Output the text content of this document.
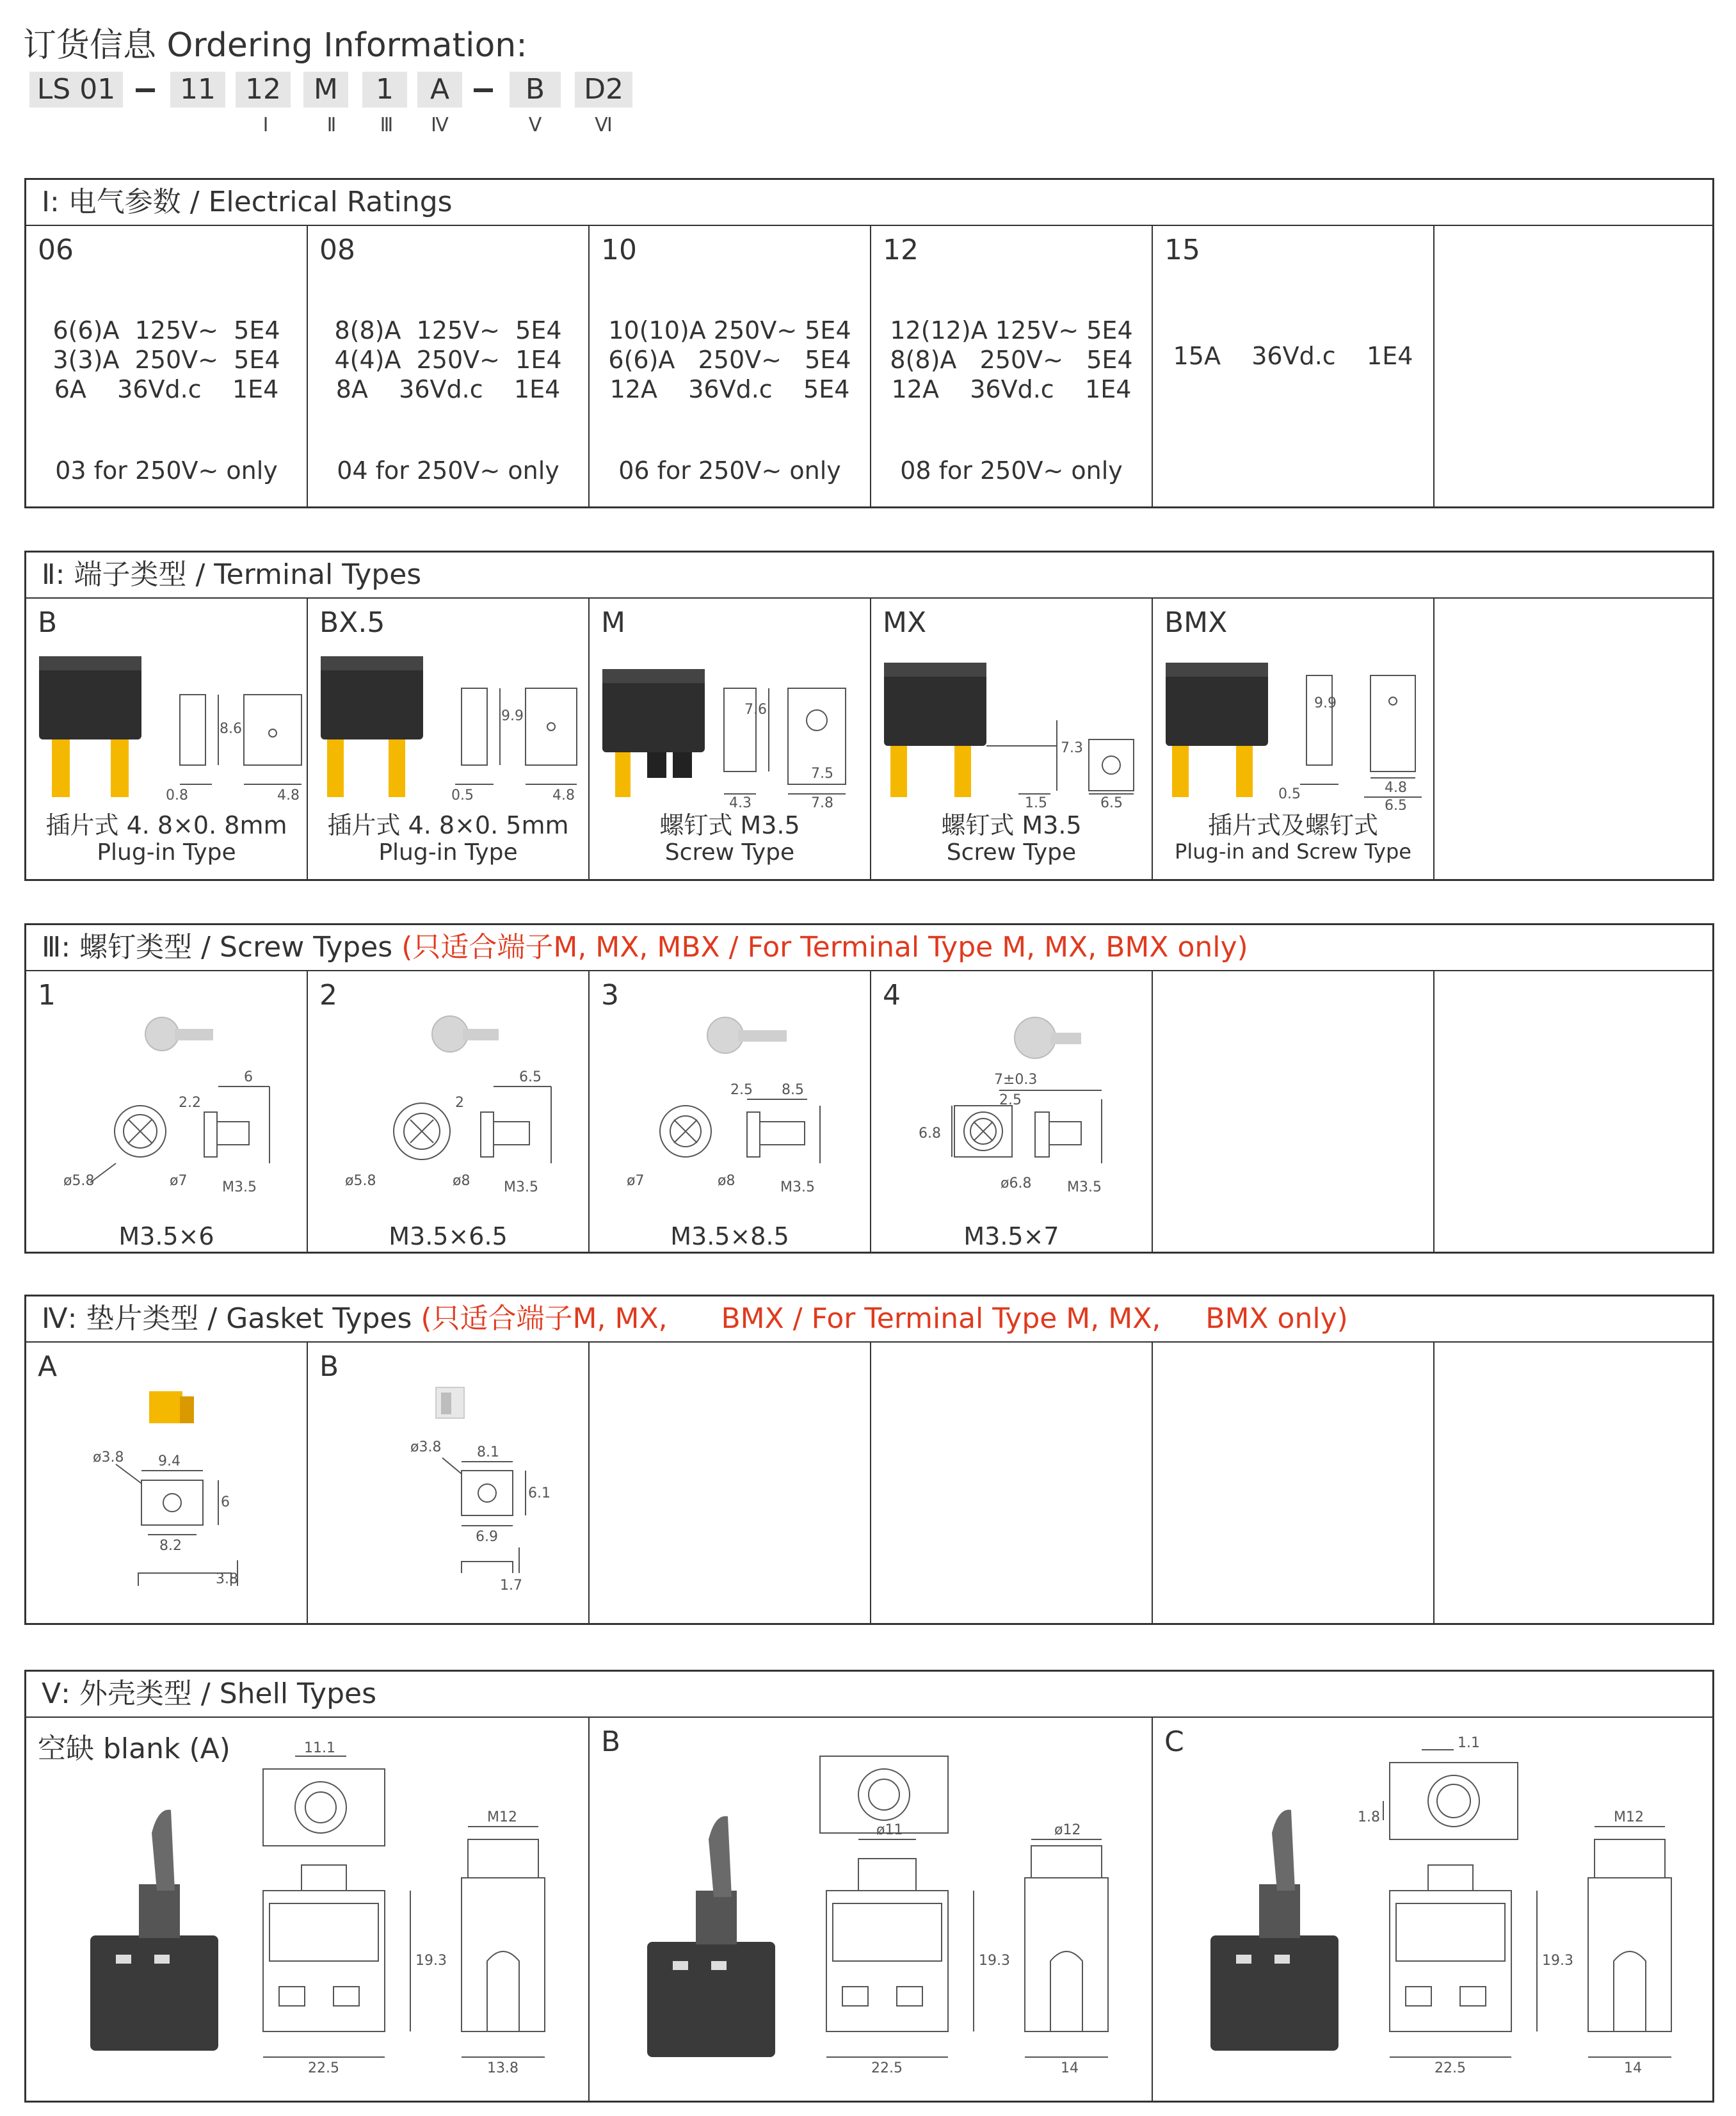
订货信息 Ordering Information:
LS 01	11	12	M	1	A	B	D2
Ⅰ	Ⅱ	Ⅲ	Ⅳ	Ⅴ	Ⅵ
Ⅰ: 电气参数 / Electrical Ratings
06
6(6)A  125V~  5E4
3(3)A  250V~  5E4
6A    36Vd.c    1E4
03 for 250V~ only
08
8(8)A  125V~  5E4
4(4)A  250V~  1E4
8A    36Vd.c    1E4
04 for 250V~ only
10
10(10)A 250V~ 5E4
6(6)A   250V~   5E4
12A    36Vd.c    5E4
06 for 250V~ only
12
12(12)A 125V~ 5E4
8(8)A   250V~   5E4
12A    36Vd.c    1E4
08 for 250V~ only
15
15A    36Vd.c    1E4
Ⅱ: 端子类型 / Terminal Types
B
8.6
0.8	4.8
插片式 4. 8×0. 8mm
Plug-in Type
BX.5
9.9
0.5	4.8
插片式 4. 8×0. 5mm
Plug-in Type
M
7.6
4.3
7.5
7.8
螺钉式 M3.5
Screw Type
MX
7.3
1.5	6.5
螺钉式 M3.5
Screw Type
BMX
9.9
0.5	4.8
6.5
插片式及螺钉式
Plug-in and Screw Type
Ⅲ: 螺钉类型 / Screw Types (只适合端子M, MX, MBX / For Terminal Type M, MX, BMX only)
1
6
2.2
ø5.8	ø7 M3.5
M3.5×6
2
6.5
2
ø5.8	ø8 M3.5
M3.5×6.5
3
2.5 8.5
ø7	ø8	M3.5
M3.5×8.5
4
7±0.3
2.5
6.8
ø6.8	M3.5
M3.5×7
Ⅳ: 垫片类型 / Gasket Types (只适合端子M, MX,      BMX / For Terminal Type M, MX,     BMX only)
A
ø3.8 9.4
6
8.2
3.8
B
ø3.8	8.1
6.1
6.9
1.7
Ⅴ: 外壳类型 / Shell Types
空缺 blank (A)	11.1
M12
19.3
22.5	13.8
B
ø11	ø12
19.3
22.5	14
C	1.1
1.8	M12
19.3
22.5	14
